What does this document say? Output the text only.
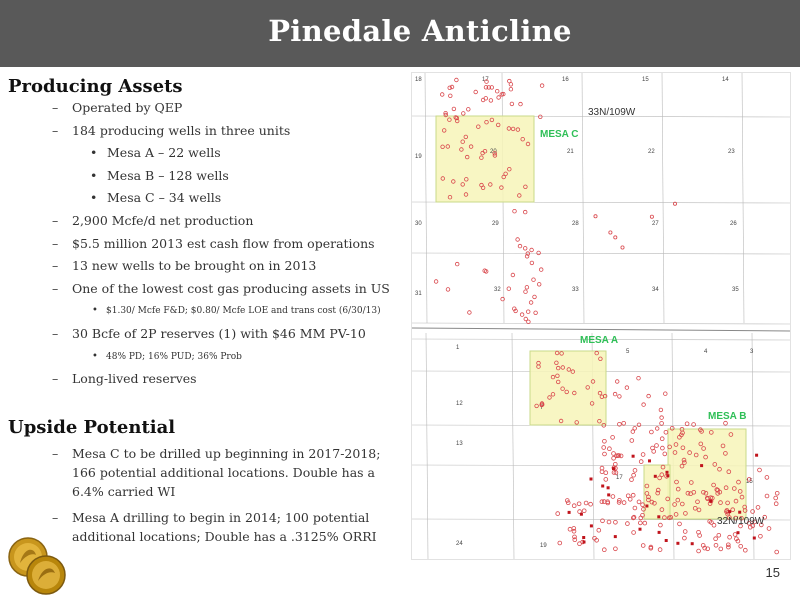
Pinedale Anticline
Producing Assets
– Operated by QEP
– 184 producing wells in three units
• Mesa A – 22 wells
• Mesa B – 128 wells
• Mesa C – 34 wells
– 2,900 Mcfe/d net production
– $5.5 million 2013 est cash flow from operations
– 13 new wells to be brought on in 2013
– One of the lowest cost gas producing assets in US
• $1.30/ Mcfe F&D; $0.80/ Mcfe LOE and trans cost (6/30/13)
– 30 Bcfe of 2P reserves (1) with $46 MM PV-10
• 48% PD; 16% PUD; 36% Prob
– Long-lived reserves
Upside Potential
– Mesa C to be drilled up beginning in 2017-2018; 166 potential additional locations. Double has a 6.4% carried WI
– Mesa A drilling to begin in 2014; 100 potential additional locations; Double has a .3125% ORRI
18	17	16	15	14
19
20	21	22	23
30	29	28	27	26
31
32	33	34	35
1
5	4	3
12
7
13
17
15
24	19
33N/109W
MESA C
MESA A
MESA B
32N/109W
15
